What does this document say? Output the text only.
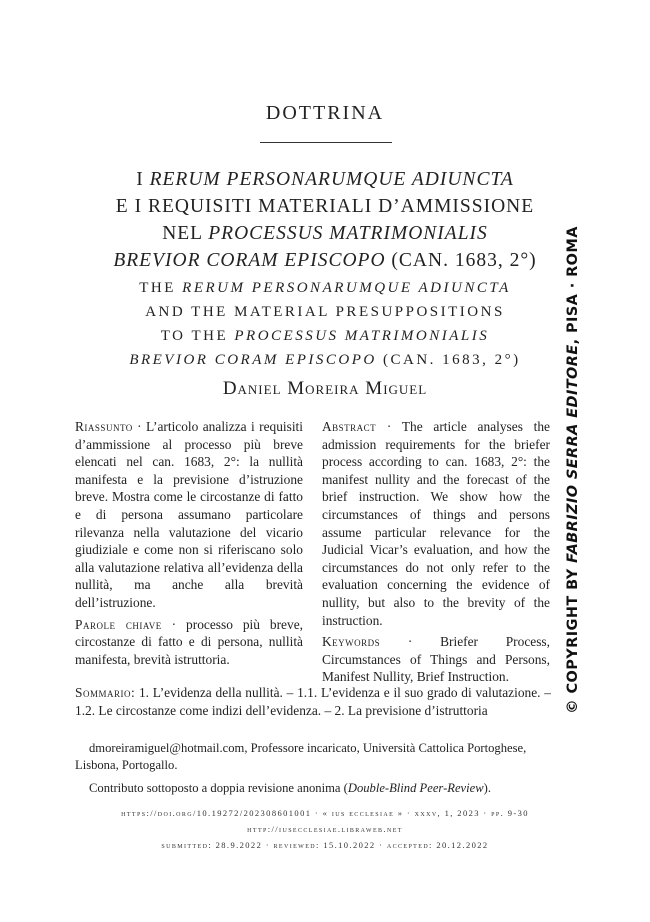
DOTTRINA
I RERUM PERSONARUMQUE ADIUNCTA
E I REQUISITI MATERIALI D’AMMISSIONE
NEL PROCESSUS MATRIMONIALIS
BREVIOR CORAM EPISCOPO (CAN. 1683, 2°)
THE RERUM PERSONARUMQUE ADIUNCTA
AND THE MATERIAL PRESUPPOSITIONS
TO THE PROCESSUS MATRIMONIALIS
BREVIOR CORAM EPISCOPO (CAN. 1683, 2°)
Daniel Moreira Miguel

Riassunto · L’articolo analizza i requisiti d’ammissione al processo più breve elencati nel can. 1683, 2°: la nullità manifesta e la previsione d’istruzione breve. Mostra come le circostanze di fatto e di persona assumano particolare rilevanza nella valutazione del vicario giudiziale e come non si riferiscano solo alla valutazione relativa all’evidenza della nullità, ma anche alla brevità dell’istruzione.

Parole chiave · processo più breve, circostanze di fatto e di persona, nullità manifesta, brevità istruttoria.

Abstract · The article analyses the admission requirements for the briefer process according to can. 1683, 2°: the manifest nullity and the forecast of the brief instruction. We show how the circumstances of things and persons assume particular relevance for the Judicial Vicar’s evaluation, and how the circumstances do not only refer to the evaluation concerning the evidence of nullity, but also to the brevity of the instruction.

Keywords · Briefer Process, Circumstances of Things and Persons, Manifest Nullity, Brief Instruction.

Sommario: 1. L’evidenza della nullità. – 1.1. L’evidenza e il suo grado di valutazione. – 1.2. Le circostanze come indizi dell’evidenza. – 2. La previsione d’istruttoria

dmoreiramiguel@hotmail.com, Professore incaricato, Università Cattolica Portoghese, Lisbona, Portogallo.

Contributo sottoposto a doppia revisione anonima (Double-Blind Peer-Review).

https://doi.org/10.19272/202308601001 · « ius ecclesiae » · xxxv, 1, 2023 · pp. 9-30
http://iusecclesiae.libraweb.net
submitted: 28.9.2022 · reviewed: 15.10.2022 · accepted: 20.12.2022
© COPYRIGHT BY FABRIZIO SERRA EDITORE, PISA · ROMA
